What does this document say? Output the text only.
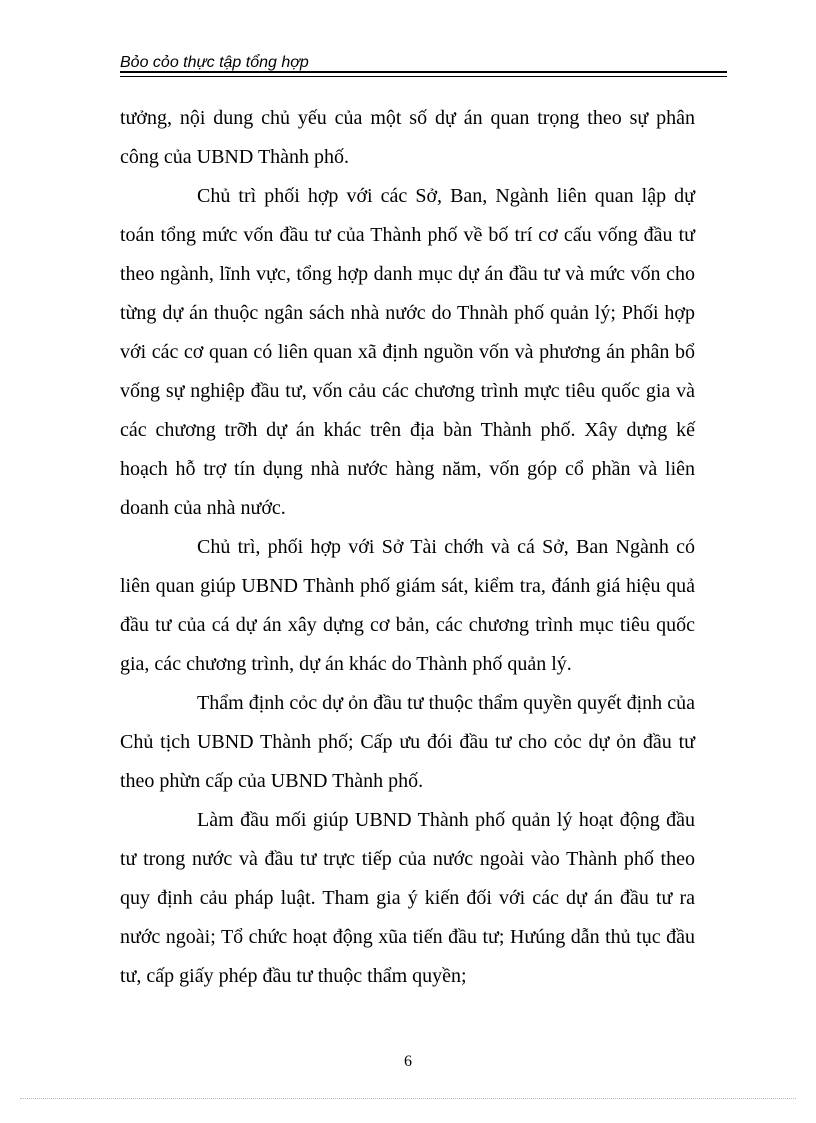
Bỏo cỏo thực tập tổng hợp

tưởng, nội dung chủ yếu của một số dự án quan trọng theo sự phân công của UBND Thành phố.

Chủ trì phối hợp với các Sở, Ban, Ngành liên quan lập dự toán tổng mức vốn đầu tư của Thành phố về bố trí cơ cấu vống đầu tư theo ngành, lĩnh vực, tổng hợp danh mục dự án đầu tư và mức vốn cho từng dự án thuộc ngân sách nhà nước do Thnàh phố quản lý; Phối hợp với các cơ quan có liên quan xã định nguồn vốn và phương án phân bổ vống sự nghiệp đầu tư, vốn cảu các chương trình mực tiêu quốc gia và các chương trỡh dự án khác trên địa bàn Thành phố. Xây dựng kế hoạch hỗ trợ tín dụng nhà nước hàng năm, vốn góp cổ phần và liên doanh của nhà nước.

Chủ trì, phối hợp với Sở Tài chớh và cá Sở, Ban Ngành có liên quan giúp UBND Thành phố giám sát, kiểm tra, đánh giá hiệu quả đầu tư của cá dự án xây dựng cơ bản, các chương trình mục tiêu quốc gia, các chương trình, dự án khác do Thành phố quản lý.

Thẩm định cỏc dự ỏn đầu tư thuộc thẩm quyền quyết định của Chủ tịch UBND Thành phố; Cấp ưu đói đầu tư cho cỏc dự ỏn đầu tư theo phừn cấp của UBND Thành phố.

Làm đầu mối giúp UBND Thành phố quản lý hoạt động đầu tư trong nước và đầu tư trực tiếp của nước ngoài vào Thành phố theo quy định cảu pháp luật. Tham gia ý kiến đối với các dự án đầu tư ra nước ngoài; Tổ chức hoạt động xũa tiến đầu tư; Hưúng dẫn thủ tục đầu tư, cấp giấy phép đầu tư thuộc thẩm quyền;

6
